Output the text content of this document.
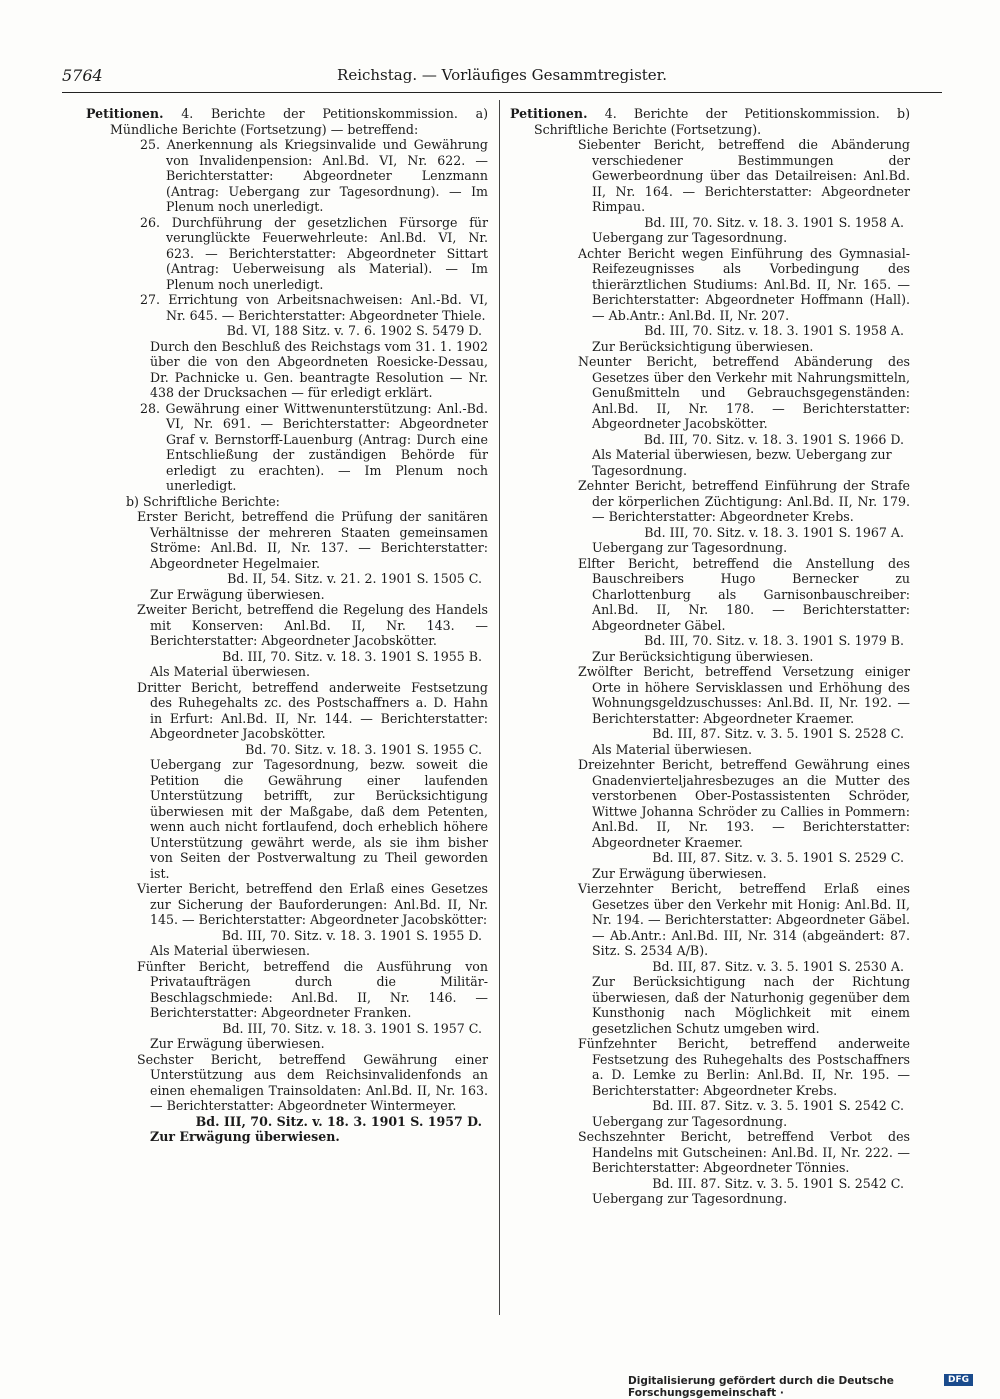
5764	Reichstag. — Vorläufiges Gesammtregister.

Petitionen. 4. Berichte der Petitionskommission. a) Mündliche Berichte (Fortsetzung) — betreffend:

25. Anerkennung als Kriegsinvalide und Gewährung von Invalidenpension: Anl.Bd. VI, Nr. 622. — Berichterstatter: Abgeordneter Lenzmann (Antrag: Uebergang zur Tagesordnung). — Im Plenum noch unerledigt.

26. Durchführung der gesetzlichen Fürsorge für verunglückte Feuerwehrleute: Anl.Bd. VI, Nr. 623. — Berichterstatter: Abgeordneter Sittart (Antrag: Ueberweisung als Material). — Im Plenum noch unerledigt.

27. Errichtung von Arbeitsnachweisen: Anl.-Bd. VI, Nr. 645. — Berichterstatter: Abgeordneter Thiele.

Bd. VI, 188 Sitz. v. 7. 6. 1902 S. 5479 D.

Durch den Beschluß des Reichstags vom 31. 1. 1902 über die von den Abgeordneten Roesicke-Dessau, Dr. Pachnicke u. Gen. beantragte Resolution — Nr. 438 der Drucksachen — für erledigt erklärt.

28. Gewährung einer Wittwenunterstützung: Anl.-Bd. VI, Nr. 691. — Berichterstatter: Abgeordneter Graf v. Bernstorff-Lauenburg (Antrag: Durch eine Entschließung der zuständigen Behörde für erledigt zu erachten). — Im Plenum noch unerledigt.

b) Schriftliche Berichte:

Erster Bericht, betreffend die Prüfung der sanitären Verhältnisse der mehreren Staaten gemeinsamen Ströme: Anl.Bd. II, Nr. 137. — Berichterstatter: Abgeordneter Hegelmaier.

Bd. II, 54. Sitz. v. 21. 2. 1901 S. 1505 C.

Zur Erwägung überwiesen.

Zweiter Bericht, betreffend die Regelung des Handels mit Konserven: Anl.Bd. II, Nr. 143. — Berichterstatter: Abgeordneter Jacobskötter.

Bd. III, 70. Sitz. v. 18. 3. 1901 S. 1955 B.

Als Material überwiesen.

Dritter Bericht, betreffend anderweite Festsetzung des Ruhegehalts zc. des Postschaffners a. D. Hahn in Erfurt: Anl.Bd. II, Nr. 144. — Berichterstatter: Abgeordneter Jacobskötter.

Bd. 70. Sitz. v. 18. 3. 1901 S. 1955 C.

Uebergang zur Tagesordnung, bezw. soweit die Petition die Gewährung einer laufenden Unterstützung betrifft, zur Berücksichtigung überwiesen mit der Maßgabe, daß dem Petenten, wenn auch nicht fortlaufend, doch erheblich höhere Unterstützung gewährt werde, als sie ihm bisher von Seiten der Postverwaltung zu Theil geworden ist.

Vierter Bericht, betreffend den Erlaß eines Gesetzes zur Sicherung der Bauforderungen: Anl.Bd. II, Nr. 145. — Berichterstatter: Abgeordneter Jacobskötter:

Bd. III, 70. Sitz. v. 18. 3. 1901 S. 1955 D.

Als Material überwiesen.

Fünfter Bericht, betreffend die Ausführung von Privataufträgen durch die Militär-Beschlagschmiede: Anl.Bd. II, Nr. 146. — Berichterstatter: Abgeordneter Franken.

Bd. III, 70. Sitz. v. 18. 3. 1901 S. 1957 C.

Zur Erwägung überwiesen.

Sechster Bericht, betreffend Gewährung einer Unterstützung aus dem Reichsinvalidenfonds an einen ehemaligen Trainsoldaten: Anl.Bd. II, Nr. 163. — Berichterstatter: Abgeordneter Wintermeyer.

Bd. III, 70. Sitz. v. 18. 3. 1901 S. 1957 D.

Zur Erwägung überwiesen.

Petitionen. 4. Berichte der Petitionskommission. b) Schriftliche Berichte (Fortsetzung).

Siebenter Bericht, betreffend die Abänderung verschiedener Bestimmungen der Gewerbeordnung über das Detailreisen: Anl.Bd. II, Nr. 164. — Berichterstatter: Abgeordneter Rimpau.

Bd. III, 70. Sitz. v. 18. 3. 1901 S. 1958 A.

Uebergang zur Tagesordnung.

Achter Bericht wegen Einführung des Gymnasial-Reifezeugnisses als Vorbedingung des thierärztlichen Studiums: Anl.Bd. II, Nr. 165. — Berichterstatter: Abgeordneter Hoffmann (Hall). — Ab.Antr.: Anl.Bd. II, Nr. 207.

Bd. III, 70. Sitz. v. 18. 3. 1901 S. 1958 A.

Zur Berücksichtigung überwiesen.

Neunter Bericht, betreffend Abänderung des Gesetzes über den Verkehr mit Nahrungsmitteln, Genußmitteln und Gebrauchsgegenständen: Anl.Bd. II, Nr. 178. — Berichterstatter: Abgeordneter Jacobskötter.

Bd. III, 70. Sitz. v. 18. 3. 1901 S. 1966 D.

Als Material überwiesen, bezw. Uebergang zur Tagesordnung.

Zehnter Bericht, betreffend Einführung der Strafe der körperlichen Züchtigung: Anl.Bd. II, Nr. 179. — Berichterstatter: Abgeordneter Krebs.

Bd. III, 70. Sitz. v. 18. 3. 1901 S. 1967 A.

Uebergang zur Tagesordnung.

Elfter Bericht, betreffend die Anstellung des Bauschreibers Hugo Bernecker zu Charlottenburg als Garnisonbauschreiber: Anl.Bd. II, Nr. 180. — Berichterstatter: Abgeordneter Gäbel.

Bd. III, 70. Sitz. v. 18. 3. 1901 S. 1979 B.

Zur Berücksichtigung überwiesen.

Zwölfter Bericht, betreffend Versetzung einiger Orte in höhere Servisklassen und Erhöhung des Wohnungsgeldzuschusses: Anl.Bd. II, Nr. 192. — Berichterstatter: Abgeordneter Kraemer.

Bd. III, 87. Sitz. v. 3. 5. 1901 S. 2528 C.

Als Material überwiesen.

Dreizehnter Bericht, betreffend Gewährung eines Gnadenvierteljahresbezuges an die Mutter des verstorbenen Ober-Postassistenten Schröder, Wittwe Johanna Schröder zu Callies in Pommern: Anl.Bd. II, Nr. 193. — Berichterstatter: Abgeordneter Kraemer.

Bd. III, 87. Sitz. v. 3. 5. 1901 S. 2529 C.

Zur Erwägung überwiesen.

Vierzehnter Bericht, betreffend Erlaß eines Gesetzes über den Verkehr mit Honig: Anl.Bd. II, Nr. 194. — Berichterstatter: Abgeordneter Gäbel. — Ab.Antr.: Anl.Bd. III, Nr. 314 (abgeändert: 87. Sitz. S. 2534 A/B).

Bd. III, 87. Sitz. v. 3. 5. 1901 S. 2530 A.

Zur Berücksichtigung nach der Richtung überwiesen, daß der Naturhonig gegenüber dem Kunsthonig nach Möglichkeit mit einem gesetzlichen Schutz umgeben wird.

Fünfzehnter Bericht, betreffend anderweite Festsetzung des Ruhegehalts des Postschaffners a. D. Lemke zu Berlin: Anl.Bd. II, Nr. 195. — Berichterstatter: Abgeordneter Krebs.

Bd. III. 87. Sitz. v. 3. 5. 1901 S. 2542 C.

Uebergang zur Tagesordnung.

Sechszehnter Bericht, betreffend Verbot des Handelns mit Gutscheinen: Anl.Bd. II, Nr. 222. — Berichterstatter: Abgeordneter Tönnies.

Bd. III. 87. Sitz. v. 3. 5. 1901 S. 2542 C.

Uebergang zur Tagesordnung.

Digitalisierung gefördert durch die Deutsche Forschungsgemeinschaft ·
DFG
